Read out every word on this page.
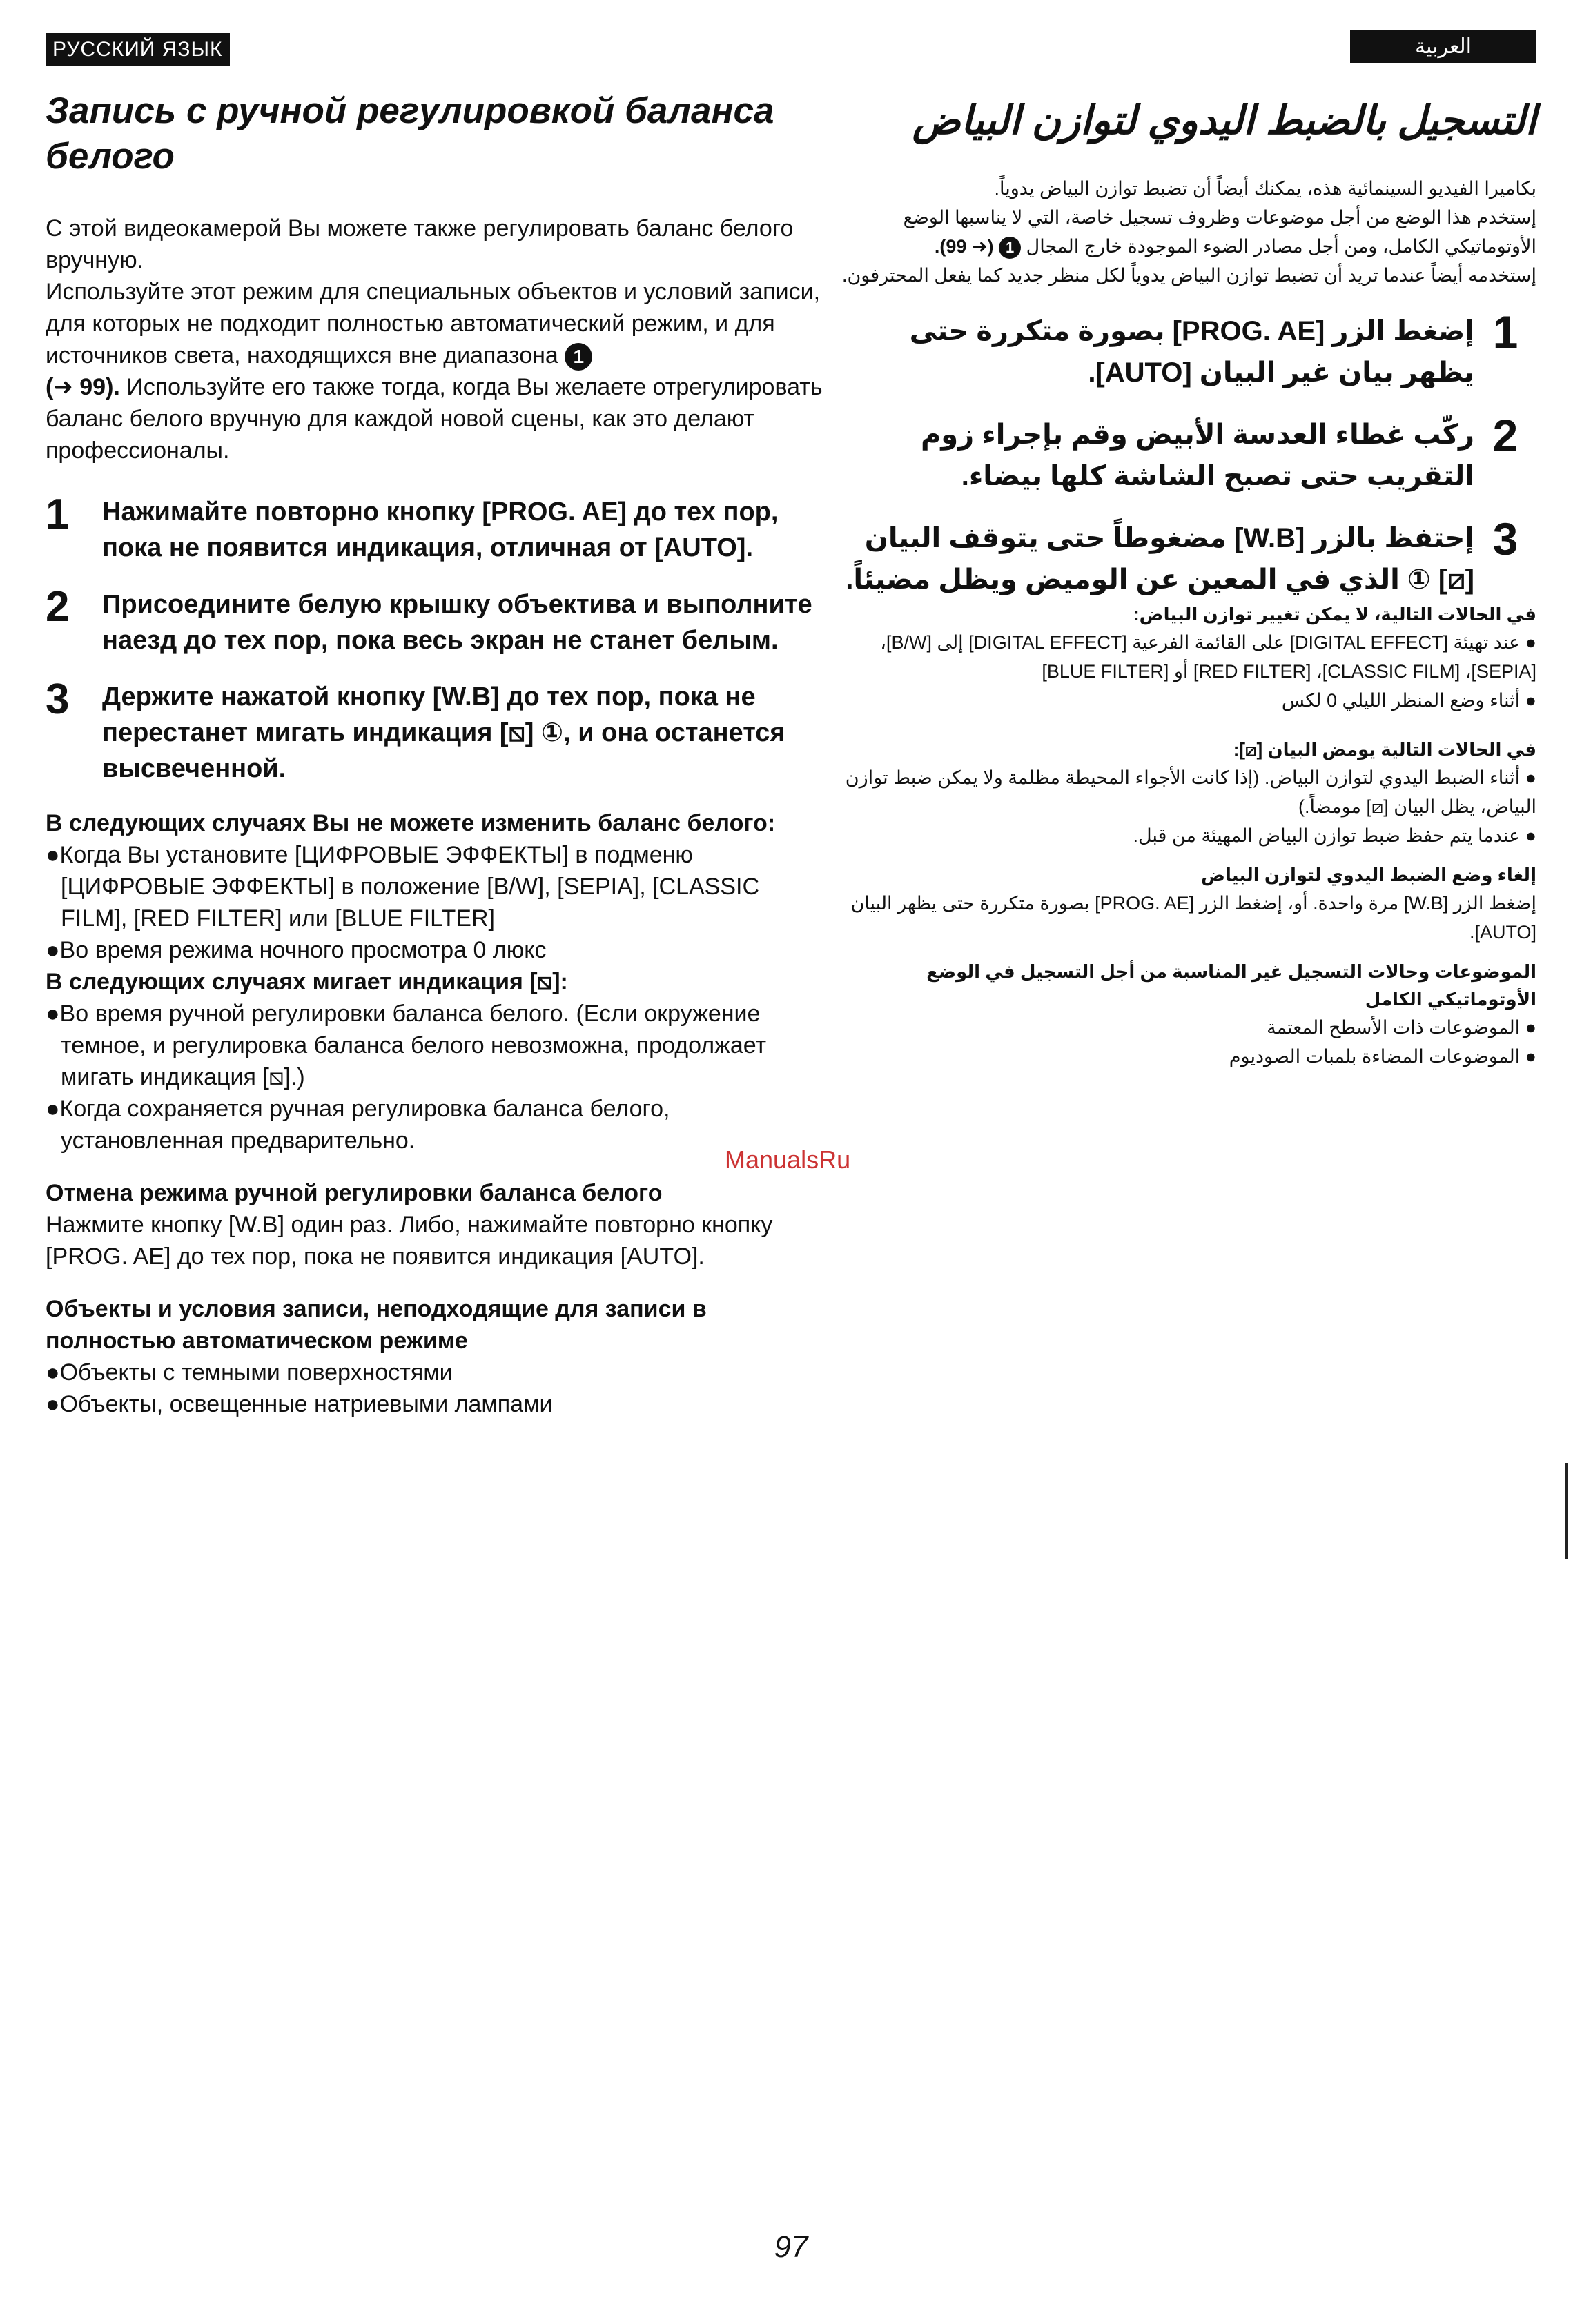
РУССКИЙ ЯЗЫК	العربية
Запись с ручной регулировкой баланса белого

С этой видеокамерой Вы можете также регулировать баланс белого вручную.

Используйте этот режим для специальных объектов и условий записи, для которых не подходит полностью автоматический режим, и для источников света, находящихся вне диапазона 1
(➜ 99). Используйте его также тогда, когда Вы желаете отрегулировать баланс белого вручную для каждой новой сцены, как это делают профессионалы.

1	Нажимайте повторно кнопку [PROG. AE] до тех пор, пока не появится индикация, отличная от [AUTO].

2	Присоедините белую крышку объектива и выполните наезд до тех пор, пока весь экран не станет белым.

3	Держите нажатой кнопку [W.B] до тех пор, пока не перестанет мигать индикация [⧅] ①, и она останется высвеченной.

В следующих случаях Вы не можете изменить баланс белого:

●Когда Вы установите [ЦИФРОВЫЕ ЭФФЕКТЫ] в подменю [ЦИФРОВЫЕ ЭФФЕКТЫ] в положение [B/W], [SEPIA], [CLASSIC FILM], [RED FILTER] или [BLUE FILTER]

●Во время режима ночного просмотра 0 люкс

В следующих случаях мигает индикация [⧅]:

●Во время ручной регулировки баланса белого. (Если окружение темное, и регулировка баланса белого невозможна, продолжает мигать индикация [⧅].)

●Когда сохраняется ручная регулировка баланса белого, установленная предварительно.

Отмена режима ручной регулировки баланса белого

Нажмите кнопку [W.B] один раз. Либо, нажимайте повторно кнопку [PROG. AE] до тех пор, пока не появится индикация [AUTO].

Объекты и условия записи, неподходящие для записи в полностью автоматическом режиме

●Объекты с темными поверхностями

●Объекты, освещенные натриевыми лампами

ManualsRu
التسجيل بالضبط اليدوي لتوازن البياض

بكاميرا الفيديو السينمائية هذه، يمكنك أيضاً أن تضبط توازن البياض يدوياً.

إستخدم هذا الوضع من أجل موضوعات وظروف تسجيل خاصة، التي لا يناسبها الوضع الأوتوماتيكي الكامل، ومن أجل مصادر الضوء الموجودة خارج المجال 1 (➜ 99).

إستخدمه أيضاً عندما تريد أن تضبط توازن البياض يدوياً لكل منظر جديد كما يفعل المحترفون.

1

إضغط الزر [PROG. AE] بصورة متكررة حتى يظهر بيان غير البيان [AUTO].

2

ركّب غطاء العدسة الأبيض وقم بإجراء زوم التقريب حتى تصبح الشاشة كلها بيضاء.

3

إحتفظ بالزر [W.B] مضغوطاً حتى يتوقف البيان [⧅] ① الذي في المعين عن الوميض ويظل مضيئاً.

في الحالات التالية، لا يمكن تغيير توازن البياض:

● عند تهيئة [DIGITAL EFFECT] على القائمة الفرعية [DIGITAL EFFECT] إلى [B/W]، [SEPIA]، [CLASSIC FILM]، [RED FILTER] أو [BLUE FILTER]

● أثناء وضع المنظر الليلي 0 لكس

في الحالات التالية يومض البيان [⧅]:

● أثناء الضبط اليدوي لتوازن البياض. (إذا كانت الأجواء المحيطة مظلمة ولا يمكن ضبط توازن البياض، يظل البيان [⧅] مومضاً.)

● عندما يتم حفظ ضبط توازن البياض المهيئة من قبل.

إلغاء وضع الضبط اليدوي لتوازن البياض

إضغط الزر [W.B] مرة واحدة. أو، إضغط الزر [PROG. AE] بصورة متكررة حتى يظهر البيان [AUTO].

الموضوعات وحالات التسجيل غير المناسبة من أجل التسجيل في الوضع الأوتوماتيكي الكامل

● الموضوعات ذات الأسطح المعتمة

● الموضوعات المضاءة بلمبات الصوديوم

97
